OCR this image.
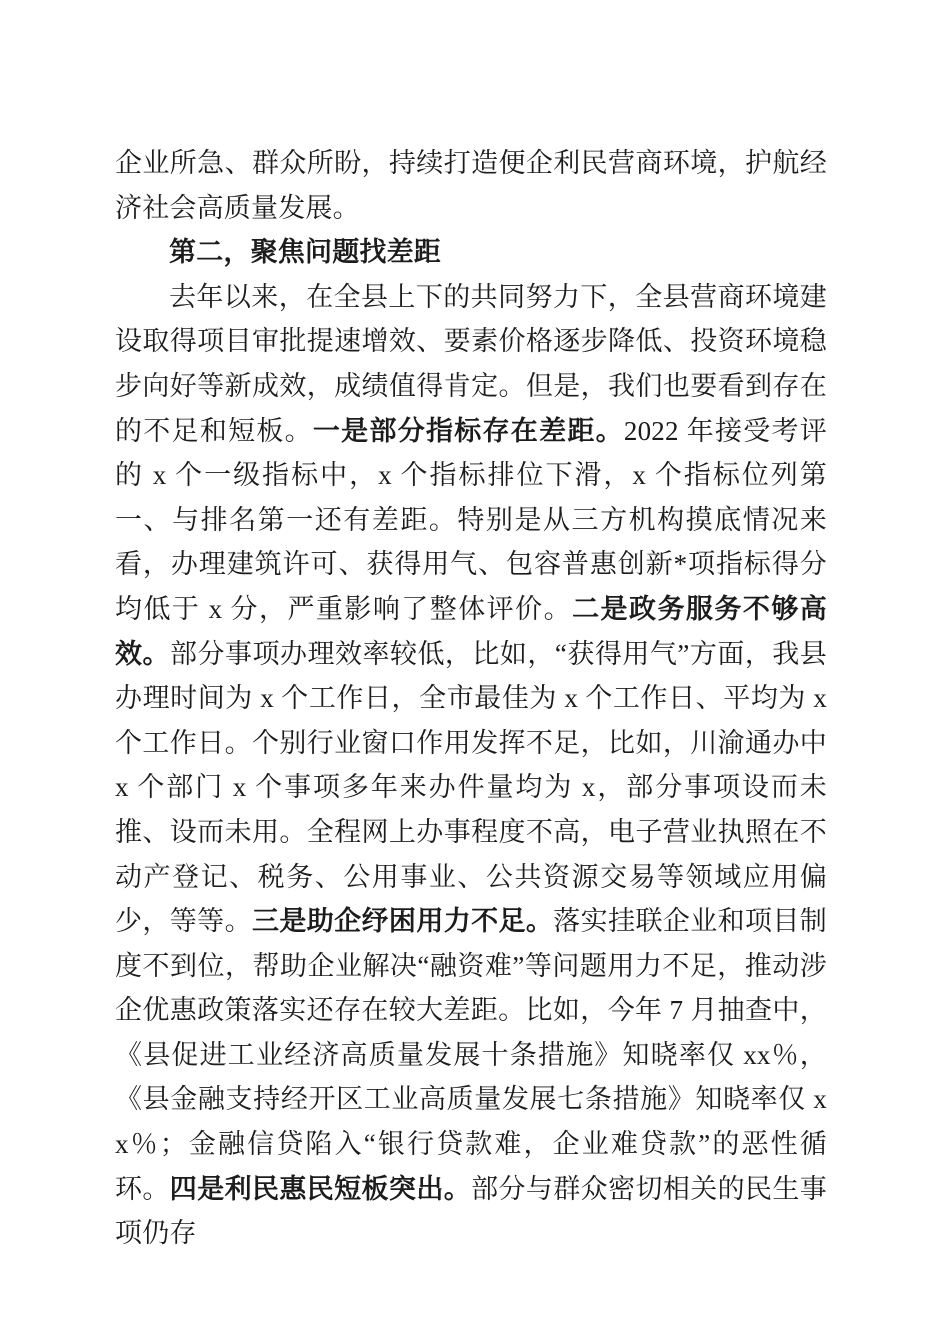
企业所急、群众所盼，持续打造便企利民营商环境，护航经济社会高质量发展。

第二，聚焦问题找差距

去年以来，在全县上下的共同努力下，全县营商环境建设取得项目审批提速增效、要素价格逐步降低、投资环境稳步向好等新成效，成绩值得肯定。但是，我们也要看到存在的不足和短板。一是部分指标存在差距。2022 年接受考评的 x 个一级指标中，x 个指标排位下滑，x 个指标位列第一、与排名第一还有差距。特别是从三方机构摸底情况来看，办理建筑许可、获得用气、包容普惠创新*项指标得分均低于 x 分，严重影响了整体评价。二是政务服务不够高效。部分事项办理效率较低，比如，“获得用气”方面，我县办理时间为 x 个工作日，全市最佳为 x 个工作日、平均为 x 个工作日。个别行业窗口作用发挥不足，比如，川渝通办中 x 个部门 x 个事项多年来办件量均为 x，部分事项设而未推、设而未用。全程网上办事程度不高，电子营业执照在不动产登记、税务、公用事业、公共资源交易等领域应用偏少，等等。三是助企纾困用力不足。落实挂联企业和项目制度不到位，帮助企业解决“融资难”等问题用力不足，推动涉企优惠政策落实还存在较大差距。比如，今年 7 月抽查中，《县促进工业经济高质量发展十条措施》知晓率仅 xx％，《县金融支持经开区工业高质量发展七条措施》知晓率仅 xx％；金融信贷陷入“银行贷款难，企业难贷款”的恶性循环。四是利民惠民短板突出。部分与群众密切相关的民生事项仍存
